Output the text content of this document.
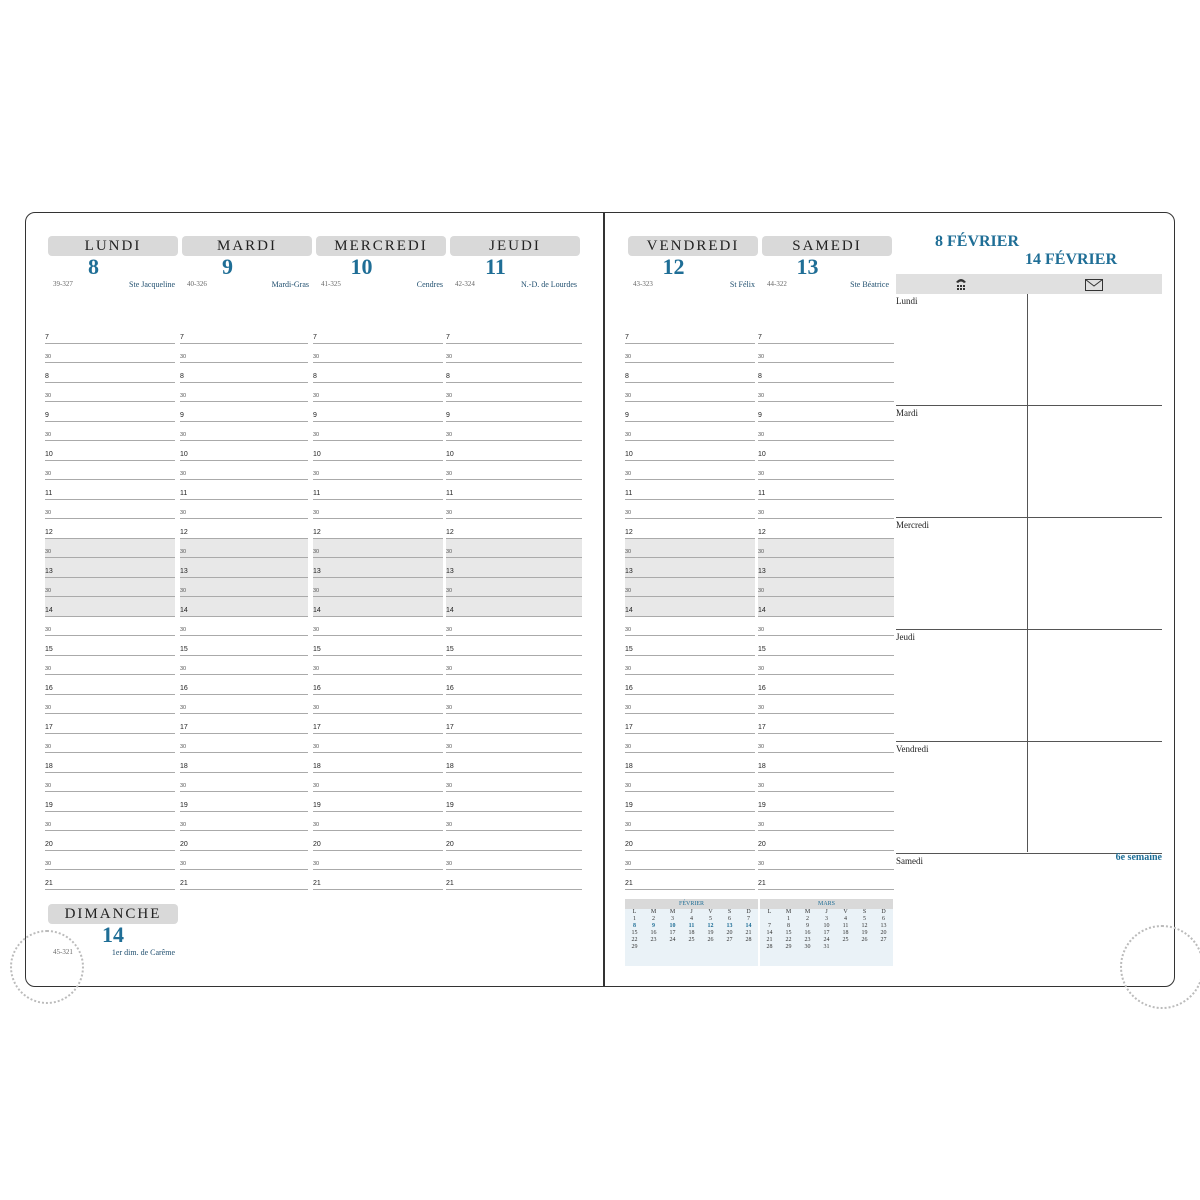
LUNDI
8
39-327	Ste Jacqueline
7
30
8
30
9
30
10
30
11
30
12
30
13
30
14
30
15
30
16
30
17
30
18
30
19
30
20
30
21
MARDI
9
40-326	Mardi-Gras
7
30
8
30
9
30
10
30
11
30
12
30
13
30
14
30
15
30
16
30
17
30
18
30
19
30
20
30
21
MERCREDI
10
41-325	Cendres
7
30
8
30
9
30
10
30
11
30
12
30
13
30
14
30
15
30
16
30
17
30
18
30
19
30
20
30
21
JEUDI
11
42-324	N.-D. de Lourdes
7
30
8
30
9
30
10
30
11
30
12
30
13
30
14
30
15
30
16
30
17
30
18
30
19
30
20
30
21
VENDREDI
12
43-323	St Félix
7
30
8
30
9
30
10
30
11
30
12
30
13
30
14
30
15
30
16
30
17
30
18
30
19
30
20
30
21
SAMEDI
13
44-322	Ste Béatrice
7
30
8
30
9
30
10
30
11
30
12
30
13
30
14
30
15
30
16
30
17
30
18
30
19
30
20
30
21
DIMANCHE
14
45-321	1er dim. de Carême
8 FÉVRIER
14 FÉVRIER
Lundi
Mardi
Mercredi
Jeudi
Vendredi
Samedi	6e semaine
FÉVRIER
L	M	M	J	V	S	D
1	2	3	4	5	6	7
8	9	10	11	12	13	14
15	16	17	18	19	20	21
22	23	24	25	26	27	28
29						
MARS
L	M	M	J	V	S	D
	1	2	3	4	5	6
7	8	9	10	11	12	13
14	15	16	17	18	19	20
21	22	23	24	25	26	27
28	29	30	31			
